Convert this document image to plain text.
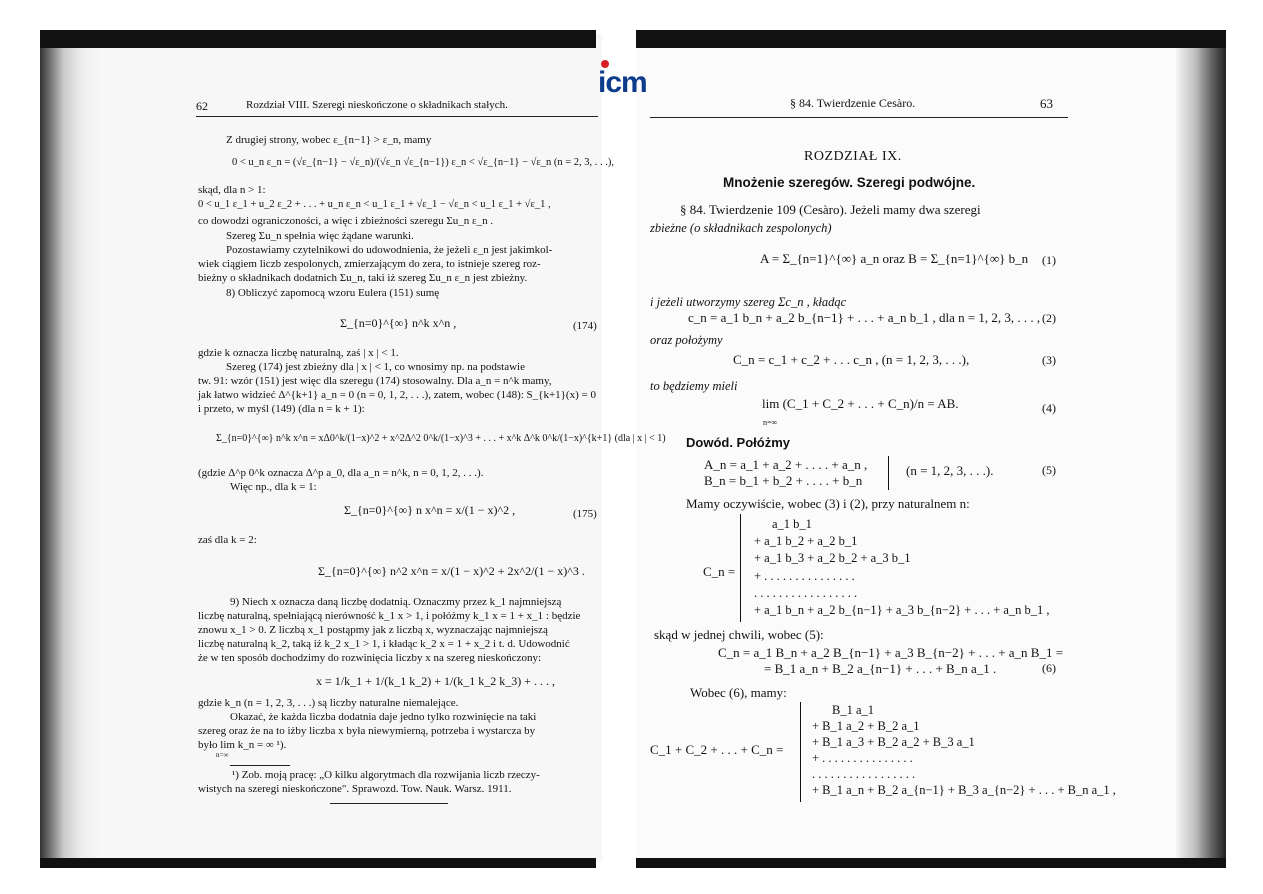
icm
62	Rozdział VIII. Szeregi nieskończone o składnikach stałych.
Z drugiej strony, wobec ε_{n−1} > ε_n, mamy
0 < u_n ε_n = (√ε_{n−1} − √ε_n)/(√ε_n √ε_{n−1}) ε_n < √ε_{n−1} − √ε_n (n = 2, 3, . . .),
skąd, dla n > 1:
0 < u_1 ε_1 + u_2 ε_2 + . . . + u_n ε_n < u_1 ε_1 + √ε_1 − √ε_n < u_1 ε_1 + √ε_1 ,
co dowodzi ograniczoności, a więc i zbieżności szeregu Σu_n ε_n .
Szereg Σu_n spełnia więc żądane warunki.
Pozostawiamy czytelnikowi do udowodnienia, że jeżeli ε_n jest jakimkol-
wiek ciągiem liczb zespolonych, zmierzającym do zera, to istnieje szereg roz-
bieżny o składnikach dodatnich Σu_n, taki iż szereg Σu_n ε_n jest zbieżny.
8) Obliczyć zapomocą wzoru Eulera (151) sumę
Σ_{n=0}^{∞} n^k x^n ,	(174)
gdzie k oznacza liczbę naturalną, zaś | x | < 1.
Szereg (174) jest zbieżny dla | x | < 1, co wnosimy np. na podstawie
tw. 91: wzór (151) jest więc dla szeregu (174) stosowalny. Dla a_n = n^k mamy,
jak łatwo widzieć Δ^{k+1} a_n = 0 (n = 0, 1, 2, . . .), zatem, wobec (148): S_{k+1}(x) = 0
i przeto, w myśl (149) (dla n = k + 1):
Σ_{n=0}^{∞} n^k x^n = xΔ0^k/(1−x)^2 + x^2Δ^2 0^k/(1−x)^3 + . . . + x^k Δ^k 0^k/(1−x)^{k+1} (dla | x | < 1)
(gdzie Δ^p 0^k oznacza Δ^p a_0, dla a_n = n^k, n = 0, 1, 2, . . .).
Więc np., dla k = 1:
Σ_{n=0}^{∞} n x^n = x/(1 − x)^2 ,	(175)
zaś dla k = 2:
Σ_{n=0}^{∞} n^2 x^n = x/(1 − x)^2 + 2x^2/(1 − x)^3 .
9) Niech x oznacza daną liczbę dodatnią. Oznaczmy przez k_1 najmniejszą
liczbę naturalną, spełniającą nierówność k_1 x > 1, i połóżmy k_1 x = 1 + x_1 : będzie
znowu x_1 > 0. Z liczbą x_1 postąpmy jak z liczbą x, wyznaczając najmniejszą
liczbę naturalną k_2, taką iż k_2 x_1 > 1, i kładąc k_2 x = 1 + x_2 i t. d. Udowodnić
że w ten sposób dochodzimy do rozwinięcia liczby x na szereg nieskończony:
x = 1/k_1 + 1/(k_1 k_2) + 1/(k_1 k_2 k_3) + . . . ,
gdzie k_n (n = 1, 2, 3, . . .) są liczby naturalne niemalejące.
Okazać, że każda liczba dodatnia daje jedno tylko rozwinięcie na taki
szereg oraz że na to iżby liczba x była niewymierną, potrzeba i wystarcza by
było lim k_n = ∞ ¹).
n=∞
¹) Zob. moją pracę: „O kilku algorytmach dla rozwijania liczb rzeczy-
wistych na szeregi nieskończone". Sprawozd. Tow. Nauk. Warsz. 1911.
§ 84. Twierdzenie Cesàro.	63
ROZDZIAŁ IX.
Mnożenie szeregów. Szeregi podwójne.
§ 84. Twierdzenie 109 (Cesàro). Jeżeli mamy dwa szeregi
zbieżne (o składnikach zespolonych)
A = Σ_{n=1}^{∞} a_n oraz B = Σ_{n=1}^{∞} b_n (1)
i jeżeli utworzymy szereg Σc_n , kładąc
c_n = a_1 b_n + a_2 b_{n−1} + . . . + a_n b_1 , dla n = 1, 2, 3, . . . , (2)
oraz położymy
C_n = c_1 + c_2 + . . . c_n , (n = 1, 2, 3, . . .),	(3)
to będziemy mieli
lim (C_1 + C_2 + . . . + C_n)/n = AB.
n=∞
(4)
Dowód. Połóżmy
A_n = a_1 + a_2 + . . . . + a_n ,
B_n = b_1 + b_2 + . . . . + b_n
(n = 1, 2, 3, . . .).	(5)
Mamy oczywiście, wobec (3) i (2), przy naturalnem n:
C_n =
a_1 b_1
+ a_1 b_2 + a_2 b_1
+ a_1 b_3 + a_2 b_2 + a_3 b_1
+ . . . . . . . . . . . . . . .
. . . . . . . . . . . . . . . . .
+ a_1 b_n + a_2 b_{n−1} + a_3 b_{n−2} + . . . + a_n b_1 ,
skąd w jednej chwili, wobec (5):
C_n = a_1 B_n + a_2 B_{n−1} + a_3 B_{n−2} + . . . + a_n B_1 =
= B_1 a_n + B_2 a_{n−1} + . . . + B_n a_1 .	(6)
Wobec (6), mamy:
C_1 + C_2 + . . . + C_n =
B_1 a_1
+ B_1 a_2 + B_2 a_1
+ B_1 a_3 + B_2 a_2 + B_3 a_1
+ . . . . . . . . . . . . . . .
. . . . . . . . . . . . . . . . .
+ B_1 a_n + B_2 a_{n−1} + B_3 a_{n−2} + . . . + B_n a_1 ,
